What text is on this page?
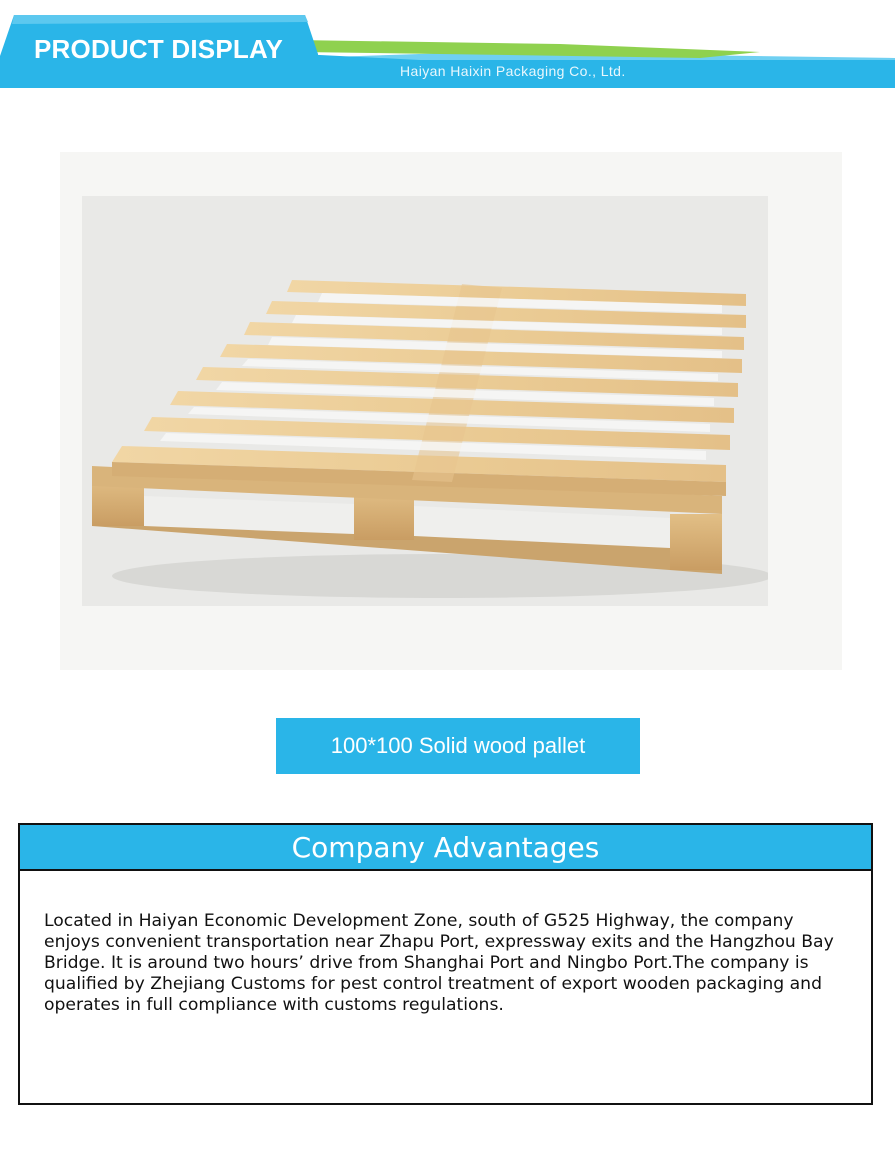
PRODUCT DISPLAY
Haiyan Haixin Packaging Co., Ltd.
100*100 Solid wood pallet
Company Advantages

Located in Haiyan Economic Development Zone, south of G525 Highway, the company enjoys convenient transportation near Zhapu Port, expressway exits and the Hangzhou Bay Bridge. It is around two hours’ drive from Shanghai Port and Ningbo Port.The company is qualified by Zhejiang Customs for pest control treatment of export wooden packaging and operates in full compliance with customs regulations.
